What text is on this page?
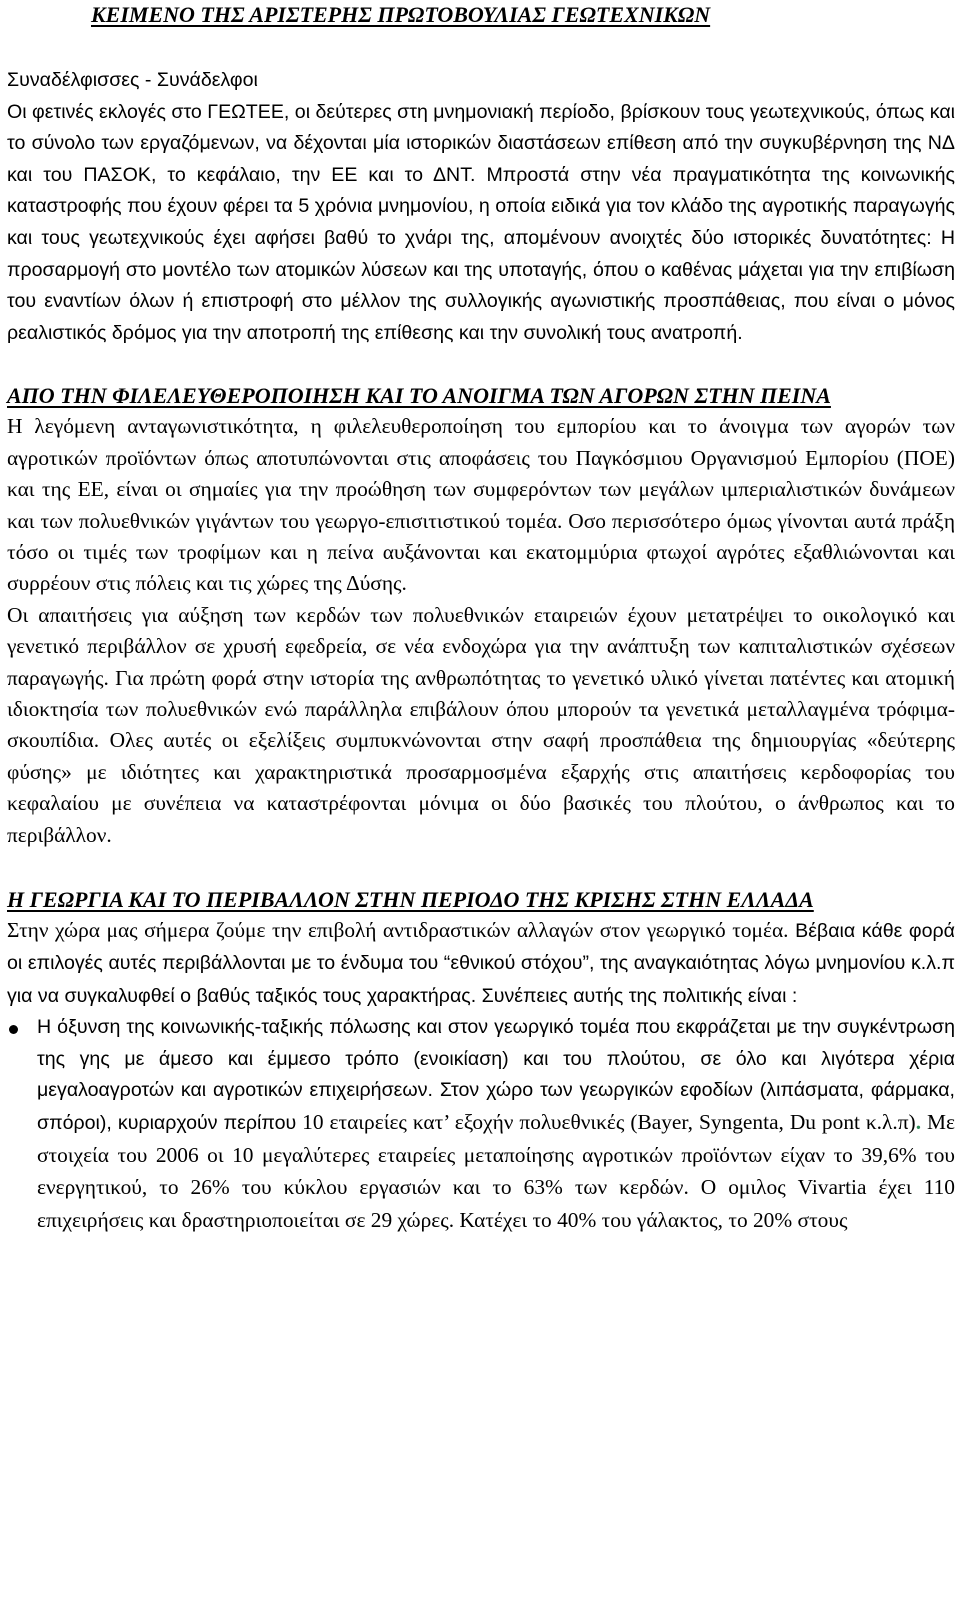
ΚΕΙΜΕΝΟ ΤΗΣ ΑΡΙΣΤΕΡΗΣ ΠΡΩΤΟΒΟΥΛΙΑΣ ΓΕΩΤΕΧΝΙΚΩΝ

Συναδέλφισσες - Συνάδελφοι

Οι φετινές εκλογές στο ΓΕΩΤΕΕ, οι δεύτερες στη μνημονιακή περίοδο, βρίσκουν τους γεωτεχνικούς, όπως και το σύνολο των εργαζόμενων, να δέχονται μία ιστορικών διαστάσεων επίθεση από την συγκυβέρνηση της ΝΔ και του ΠΑΣΟΚ, το κεφάλαιο, την ΕΕ και το ΔΝΤ. Μπροστά στην νέα πραγματικότητα της κοινωνικής καταστροφής που έχουν φέρει τα 5 χρόνια μνημονίου, η οποία ειδικά για τον κλάδο της αγροτικής παραγωγής και τους γεωτεχνικούς έχει αφήσει βαθύ το χνάρι της, απομένουν ανοιχτές δύο ιστορικές δυνατότητες: Η προσαρμογή στο μοντέλο των ατομικών λύσεων και της υποταγής, όπου ο καθένας μάχεται για την επιβίωση του εναντίων όλων ή επιστροφή στο μέλλον της συλλογικής αγωνιστικής προσπάθειας, που είναι ο μόνος ρεαλιστικός δρόμος για την αποτροπή της επίθεσης και την συνολική τους ανατροπή.

ΑΠΟ ΤΗΝ ΦΙΛΕΛΕΥΘΕΡΟΠΟΙΗΣΗ ΚΑΙ ΤΟ ΑΝΟΙΓΜΑ ΤΩΝ ΑΓΟΡΩΝ ΣΤΗΝ ΠΕΙΝΑ

Η λεγόμενη ανταγωνιστικότητα, η φιλελευθεροποίηση του εμπορίου και το άνοιγμα των αγορών των αγροτικών προϊόντων όπως αποτυπώνονται στις αποφάσεις του Παγκόσμιου Οργανισμού Εμπορίου (ΠΟΕ) και της ΕΕ, είναι οι σημαίες για την προώθηση των συμφερόντων των μεγάλων ιμπεριαλιστικών δυνάμεων και των πολυεθνικών γιγάντων του γεωργο-επισιτιστικού τομέα. Οσο περισσότερο όμως γίνονται αυτά πράξη τόσο οι τιμές των τροφίμων και η πείνα αυξάνονται και εκατομμύρια φτωχοί αγρότες εξαθλιώνονται και συρρέουν στις πόλεις και τις χώρες της Δύσης.

Οι απαιτήσεις για αύξηση των κερδών των πολυεθνικών εταιρειών έχουν μετατρέψει το οικολογικό και γενετικό περιβάλλον σε χρυσή εφεδρεία, σε νέα ενδοχώρα για την ανάπτυξη των καπιταλιστικών σχέσεων παραγωγής. Για πρώτη φορά στην ιστορία της ανθρωπότητας το γενετικό υλικό γίνεται πατέντες και ατομική ιδιοκτησία των πολυεθνικών ενώ παράλληλα επιβάλουν όπου μπορούν τα γενετικά μεταλλαγμένα τρόφιμα-σκουπίδια. Ολες αυτές οι εξελίξεις συμπυκνώνονται στην σαφή προσπάθεια της δημιουργίας «δεύτερης φύσης» με ιδιότητες και χαρακτηριστικά προσαρμοσμένα εξαρχής στις απαιτήσεις κερδοφορίας του κεφαλαίου με συνέπεια να καταστρέφονται μόνιμα οι δύο βασικές του πλούτου, ο άνθρωπος και το περιβάλλον.

Η ΓΕΩΡΓΙΑ ΚΑΙ ΤΟ ΠΕΡΙΒΑΛΛΟΝ ΣΤΗΝ ΠΕΡΙΟΔΟ ΤΗΣ ΚΡΙΣΗΣ ΣΤΗΝ ΕΛΛΑΔΑ

Στην χώρα μας σήμερα ζούμε την επιβολή αντιδραστικών αλλαγών στον γεωργικό τομέα. Βέβαια κάθε φορά οι επιλογές αυτές περιβάλλονται με το ένδυμα του “εθνικού στόχου”, της αναγκαιότητας λόγω μνημονίου κ.λ.π για να συγκαλυφθεί ο βαθύς ταξικός τους χαρακτήρας. Συνέπειες αυτής της πολιτικής είναι :

Η όξυνση της κοινωνικής-ταξικής πόλωσης και στον γεωργικό τομέα που εκφράζεται με την συγκέντρωση της γης με άμεσο και έμμεσο τρόπο (ενοικίαση) και του πλούτου, σε όλο και λιγότερα χέρια μεγαλοαγροτών και αγροτικών επιχειρήσεων. Στον χώρο των γεωργικών εφοδίων (λιπάσματα, φάρμακα, σπόροι), κυριαρχούν περίπου 10 εταιρείες κατ’ εξοχήν πολυεθνικές (Bayer, Syngenta, Du pont κ.λ.π). Με στοιχεία του 2006 οι 10 μεγαλύτερες εταιρείες μεταποίησης αγροτικών προϊόντων είχαν το 39,6% του ενεργητικού, το 26% του κύκλου εργασιών και το 63% των κερδών. Ο ομιλος Vivartia έχει 110 επιχειρήσεις και δραστηριοποιείται σε 29 χώρες. Κατέχει το 40% του γάλακτος, το 20% στους
